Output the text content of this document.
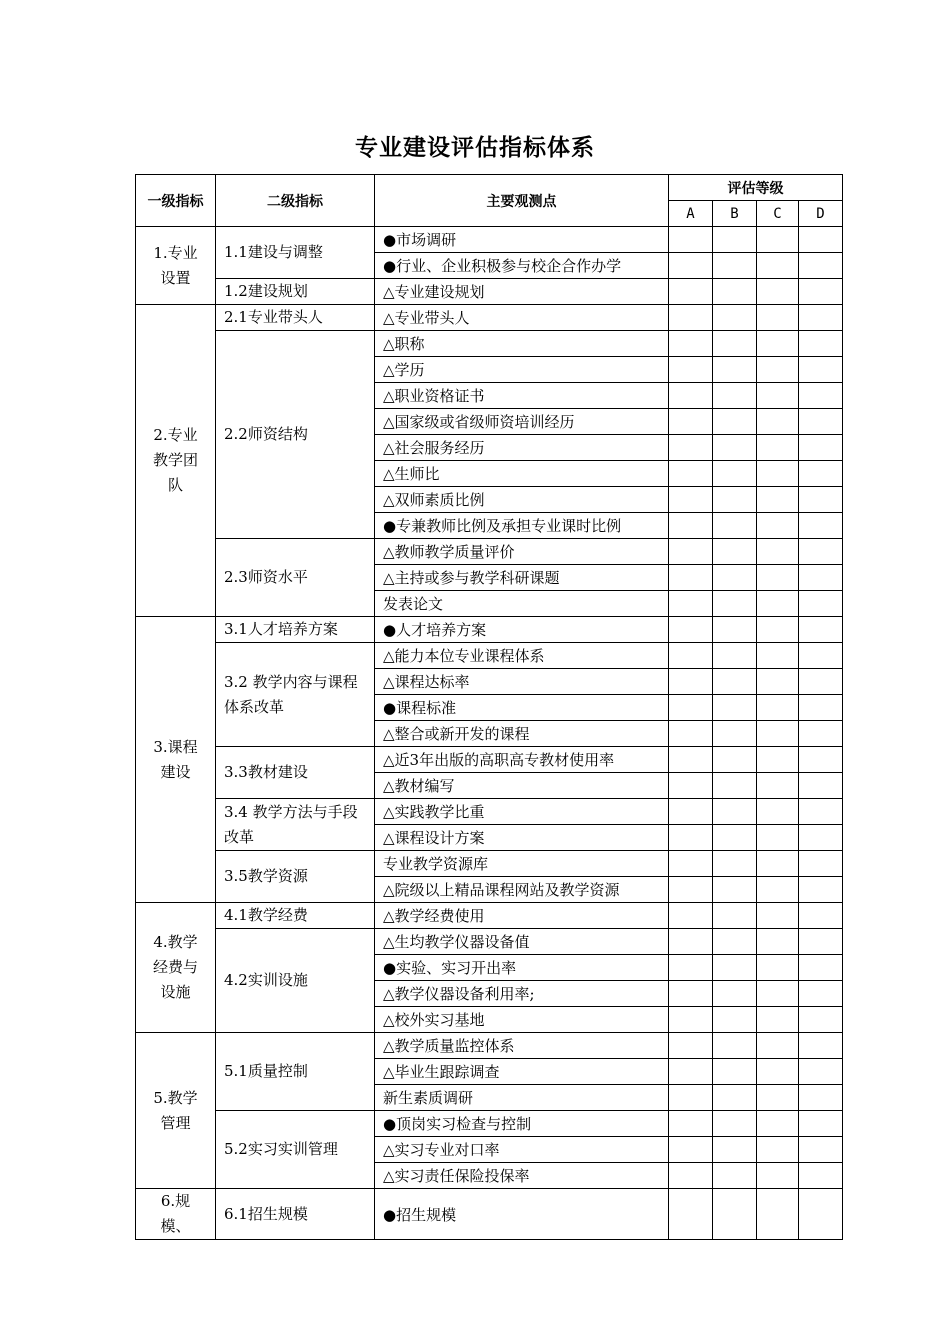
专业建设评估指标体系
一级指标	二级指标	主要观测点	评估等级			
			A	B	C	D
1.专业设置	1.1建设与调整	●市场调研				
		●行业、企业积极参与校企合作办学				
	1.2建设规划	△专业建设规划				
2.专业教学团队	2.1专业带头人	△专业带头人				
	2.2师资结构	△职称				
		△学历				
		△职业资格证书				
		△国家级或省级师资培训经历				
		△社会服务经历				
		△生师比				
		△双师素质比例				
		●专兼教师比例及承担专业课时比例				
	2.3师资水平	△教师教学质量评价				
		△主持或参与教学科研课题				
		发表论文				
3.课程建设	3.1人才培养方案	●人才培养方案				
	3.2 教学内容与课程体系改革	△能力本位专业课程体系				
		△课程达标率				
		●课程标准				
		△整合或新开发的课程				
	3.3教材建设	△近3年出版的高职高专教材使用率				
		△教材编写				
	3.4 教学方法与手段改革	△实践教学比重				
		△课程设计方案				
	3.5教学资源	专业教学资源库				
		△院级以上精品课程网站及教学资源				
4.教学经费与设施	4.1教学经费	△教学经费使用				
	4.2实训设施	△生均教学仪器设备值				
		●实验、实习开出率				
		△教学仪器设备利用率;				
		△校外实习基地				
5.教学管理	5.1质量控制	△教学质量监控体系				
		△毕业生跟踪调查				
		新生素质调研				
	5.2实习实训管理	●顶岗实习检查与控制				
		△实习专业对口率				
		△实习责任保险投保率				
6.规模、	6.1招生规模	●招生规模				
